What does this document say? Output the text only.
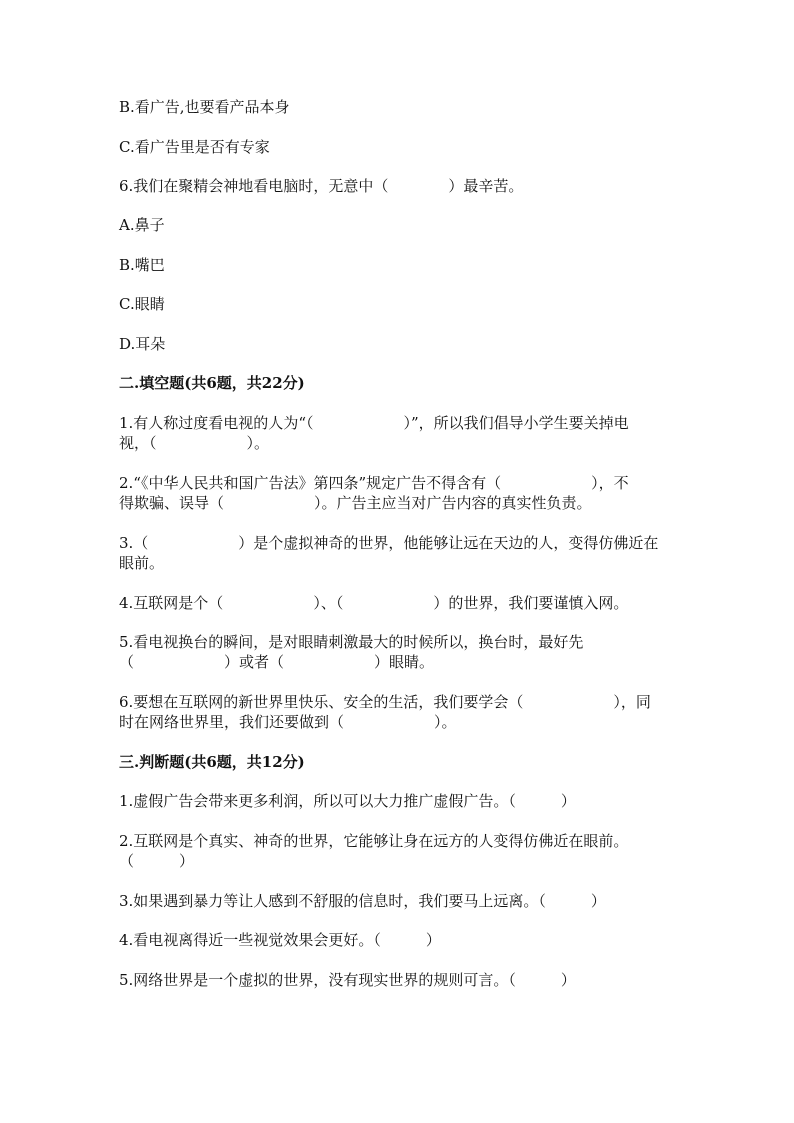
B.看广告,也要看产品本身
C.看广告里是否有专家
6.我们在聚精会神地看电脑时，无意中（　　　　）最辛苦。
A.鼻子
B.嘴巴
C.眼睛
D.耳朵
二.填空题(共6题，共22分)
1.有人称过度看电视的人为“（　　　　　　）”，所以我们倡导小学生要关掉电
视，（　　　　　　）。
2.“《中华人民共和国广告法》第四条”规定广告不得含有（　　　　　　），不
得欺骗、误导（　　　　　　）。广告主应当对广告内容的真实性负责。
3.（　　　　　　）是个虚拟神奇的世界，他能够让远在天边的人，变得仿佛近在
眼前。
4.互联网是个（　　　　　　）、（　　　　　　）的世界，我们要谨慎入网。
5.看电视换台的瞬间，是对眼睛刺激最大的时候所以，换台时，最好先
（　　　　　　）或者（　　　　　　）眼睛。
6.要想在互联网的新世界里快乐、安全的生活，我们要学会（　　　　　　），同
时在网络世界里，我们还要做到（　　　　　　）。
三.判断题(共6题，共12分)
1.虚假广告会带来更多利润，所以可以大力推广虚假广告。（　　　）
2.互联网是个真实、神奇的世界，它能够让身在远方的人变得仿佛近在眼前。
（　　　）
3.如果遇到暴力等让人感到不舒服的信息时，我们要马上远离。（　　　）
4.看电视离得近一些视觉效果会更好。（　　　）
5.网络世界是一个虚拟的世界，没有现实世界的规则可言。（　　　）
